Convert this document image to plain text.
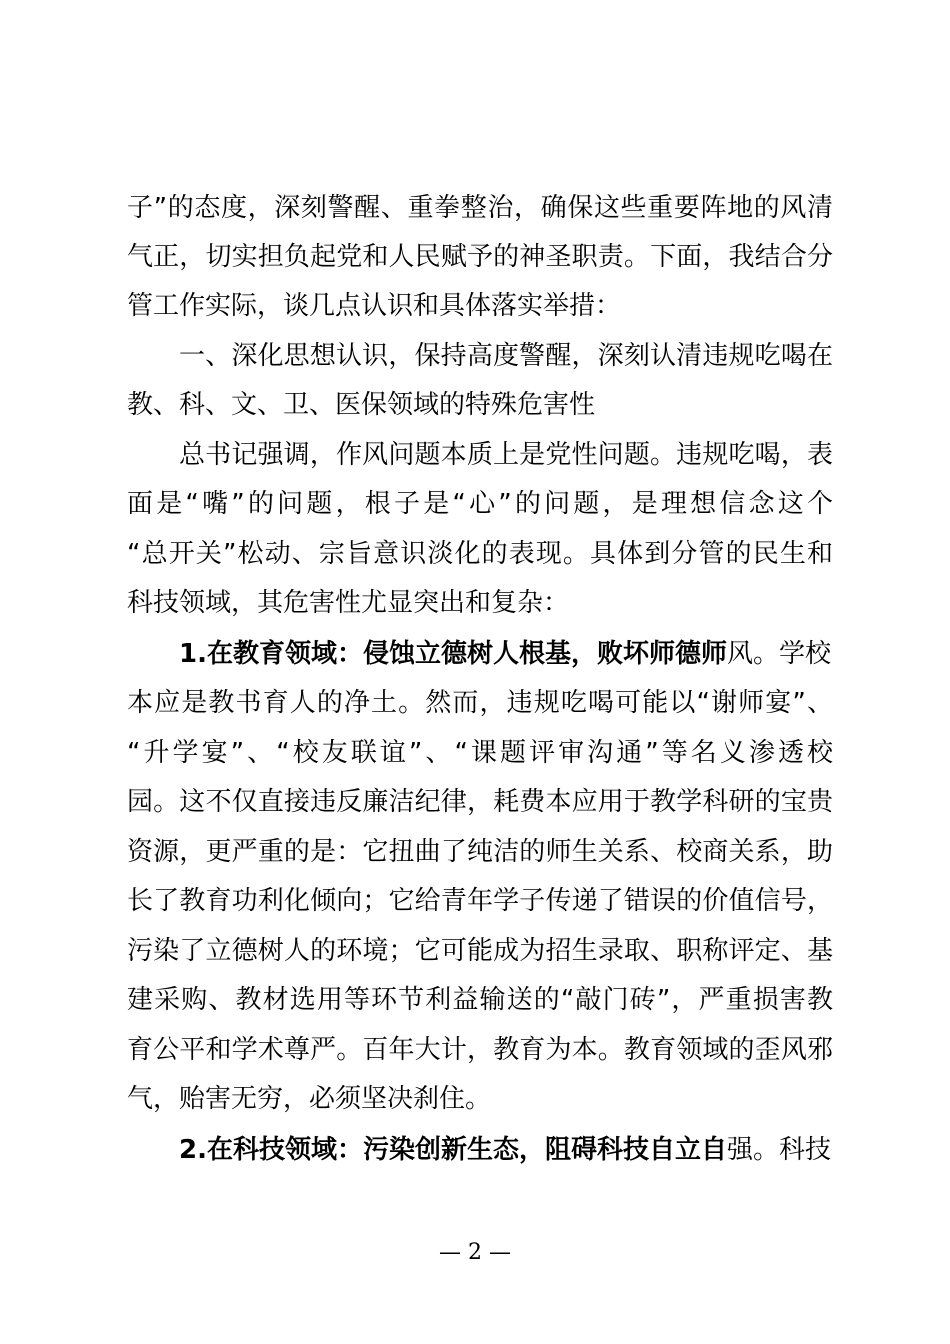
子”的态度，深刻警醒、重拳整治，确保这些重要阵地的风清
气正，切实担负起党和人民赋予的神圣职责。下面，我结合分
管工作实际，谈几点认识和具体落实举措：
一、深化思想认识，保持高度警醒，深刻认清违规吃喝在
教、科、文、卫、医保领域的特殊危害性
总书记强调，作风问题本质上是党性问题。违规吃喝，表
面是“嘴”的问题，根子是“心”的问题，是理想信念这个
“总开关”松动、宗旨意识淡化的表现。具体到分管的民生和
科技领域，其危害性尤显突出和复杂：
1.在教育领域：侵蚀立德树人根基，败坏师德师风。学校
本应是教书育人的净土。然而，违规吃喝可能以“谢师宴”、
“升学宴”、“校友联谊”、“课题评审沟通”等名义渗透校
园。这不仅直接违反廉洁纪律，耗费本应用于教学科研的宝贵
资源，更严重的是：它扭曲了纯洁的师生关系、校商关系，助
长了教育功利化倾向；它给青年学子传递了错误的价值信号，
污染了立德树人的环境；它可能成为招生录取、职称评定、基
建采购、教材选用等环节利益输送的“敲门砖”，严重损害教
育公平和学术尊严。百年大计，教育为本。教育领域的歪风邪
气，贻害无穷，必须坚决刹住。
2.在科技领域：污染创新生态，阻碍科技自立自强。科技
— 2 —
